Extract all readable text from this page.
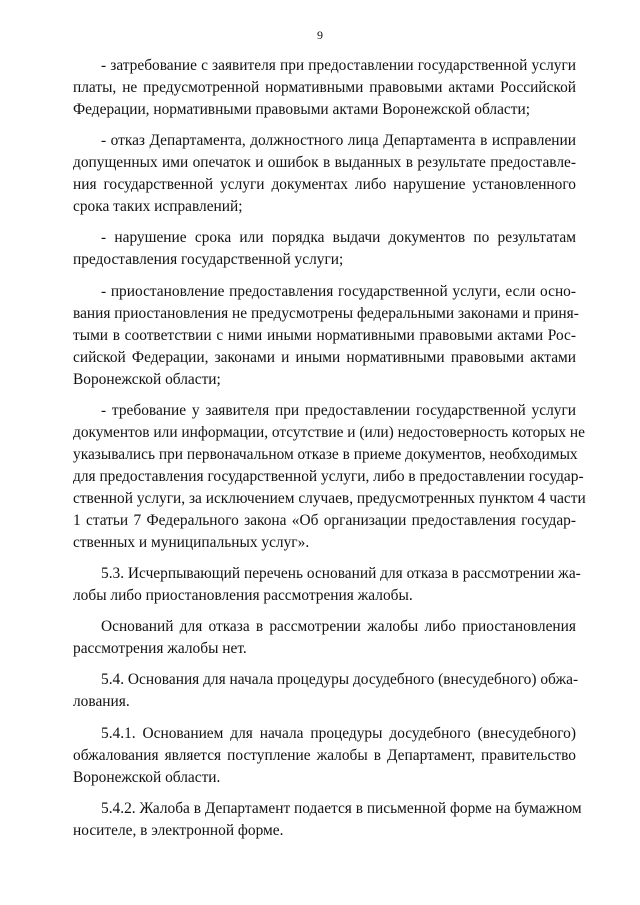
9

- затребование с заявителя при предоставлении государственной услуги
платы, не предусмотренной нормативными правовыми актами Российской
Федерации, нормативными правовыми актами Воронежской области;

- отказ Департамента, должностного лица Департамента в исправлении
допущенных ими опечаток и ошибок в выданных в результате предоставле-
ния государственной услуги документах либо нарушение установленного
срока таких исправлений;

- нарушение срока или порядка выдачи документов по результатам
предоставления государственной услуги;

- приостановление предоставления государственной услуги, если осно-
вания приостановления не предусмотрены федеральными законами и приня-
тыми в соответствии с ними иными нормативными правовыми актами Рос-
сийской Федерации, законами и иными нормативными правовыми актами
Воронежской области;

- требование у заявителя при предоставлении государственной услуги
документов или информации, отсутствие и (или) недостоверность которых не
указывались при первоначальном отказе в приеме документов, необходимых
для предоставления государственной услуги, либо в предоставлении государ-
ственной услуги, за исключением случаев, предусмотренных пунктом 4 части
1 статьи 7 Федерального закона «Об организации предоставления государ-
ственных и муниципальных услуг».

5.3. Исчерпывающий перечень оснований для отказа в рассмотрении жа-
лобы либо приостановления рассмотрения жалобы.

Оснований для отказа в рассмотрении жалобы либо приостановления
рассмотрения жалобы нет.

5.4. Основания для начала процедуры досудебного (внесудебного) обжа-
лования.

5.4.1. Основанием для начала процедуры досудебного (внесудебного)
обжалования является поступление жалобы в Департамент, правительство
Воронежской области.

5.4.2. Жалоба в Департамент подается в письменной форме на бумажном
носителе, в электронной форме.
